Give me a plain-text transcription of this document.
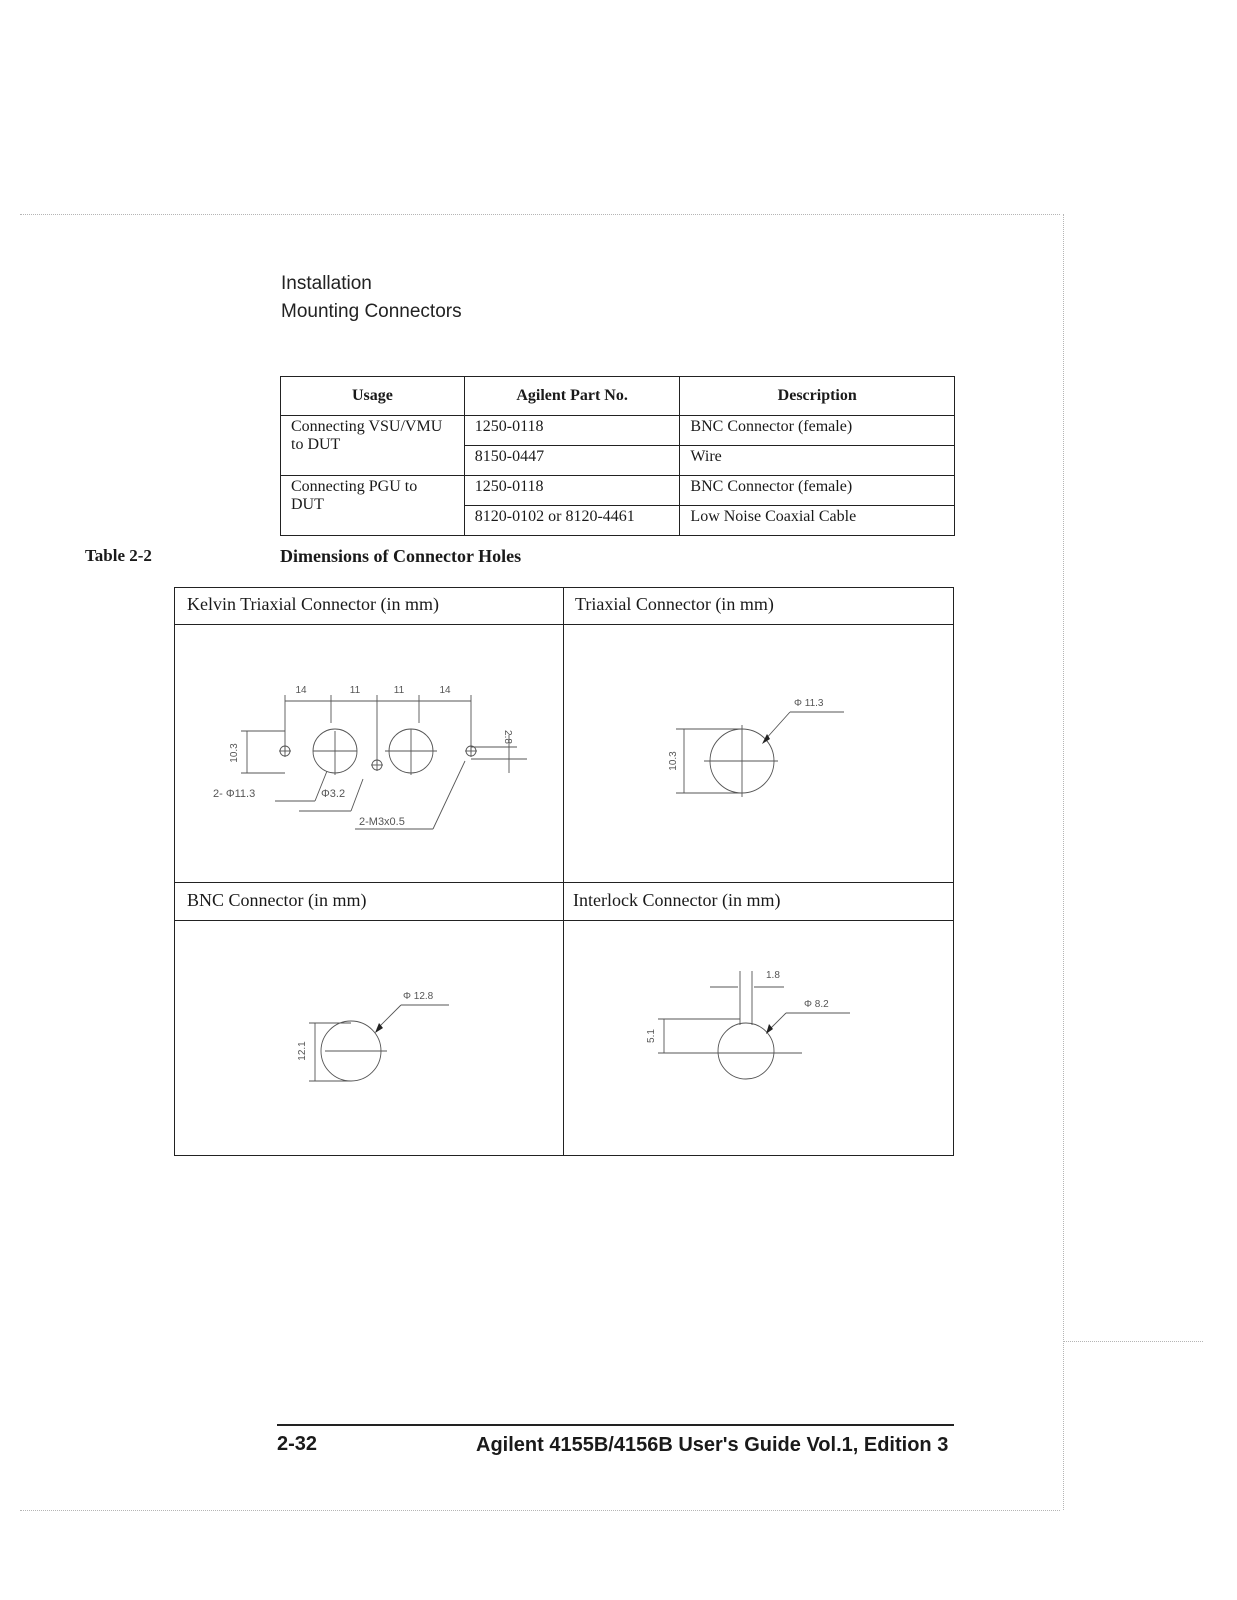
Installation
Mounting Connectors
Usage	Agilent Part No.	Description
Connecting VSU/VMU to DUT	1250-0118	BNC Connector (female)
	8150-0447	Wire
Connecting PGU to DUT	1250-0118	BNC Connector (female)
	8120-0102 or 8120-4461	Low Noise Coaxial Cable
Table 2-2	Dimensions of Connector Holes
Kelvin Triaxial Connector (in mm)	Triaxial Connector (in mm)
BNC Connector (in mm)	Interlock Connector (in mm)
14	11	11	14
10.3
2.8
2- Φ11.3	Φ3.2
2-M3x0.5
Φ 11.3
10.3
Φ 12.8
12.1
1.8
Φ 8.2
5.1
2-32	Agilent 4155B/4156B User's Guide Vol.1, Edition 3
